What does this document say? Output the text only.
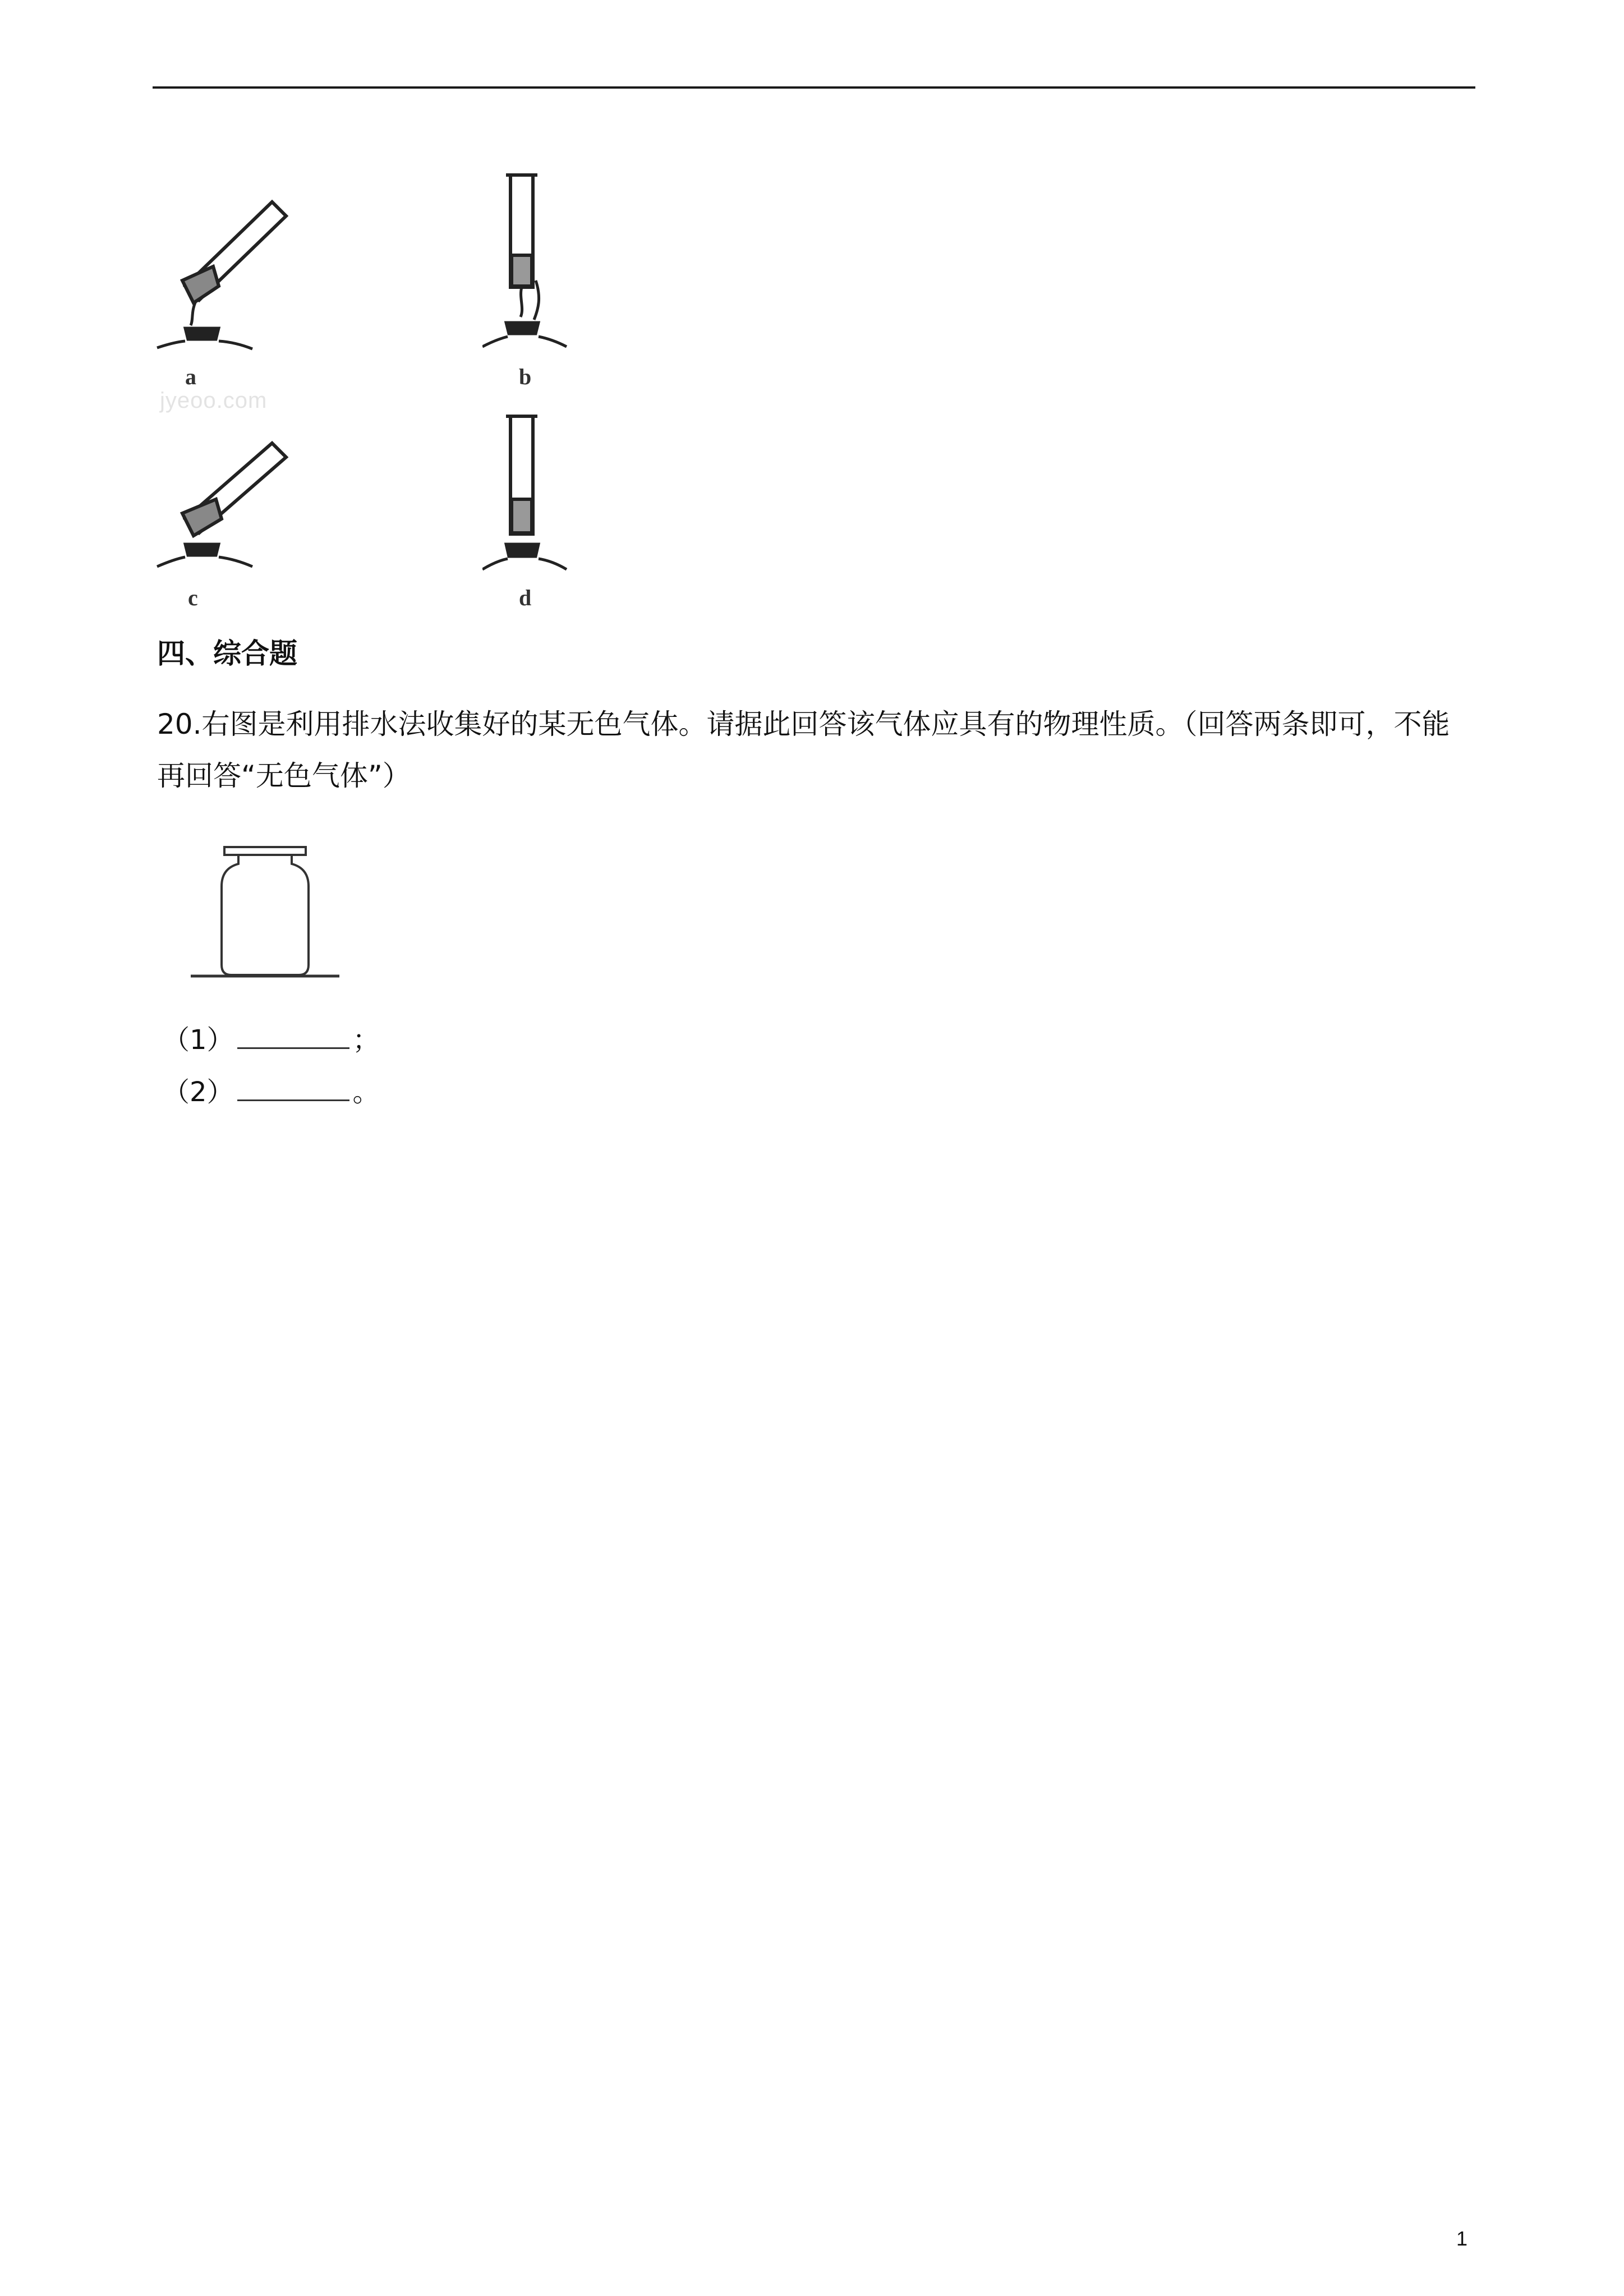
a	b
jyeoo.com
c	d
四、综合题
20.右图是利用排水法收集好的某无色气体。请据此回答该气体应具有的物理性质。（回答两条即可，不能再回答“无色气体”）
（1）	；
（2）	。
1
